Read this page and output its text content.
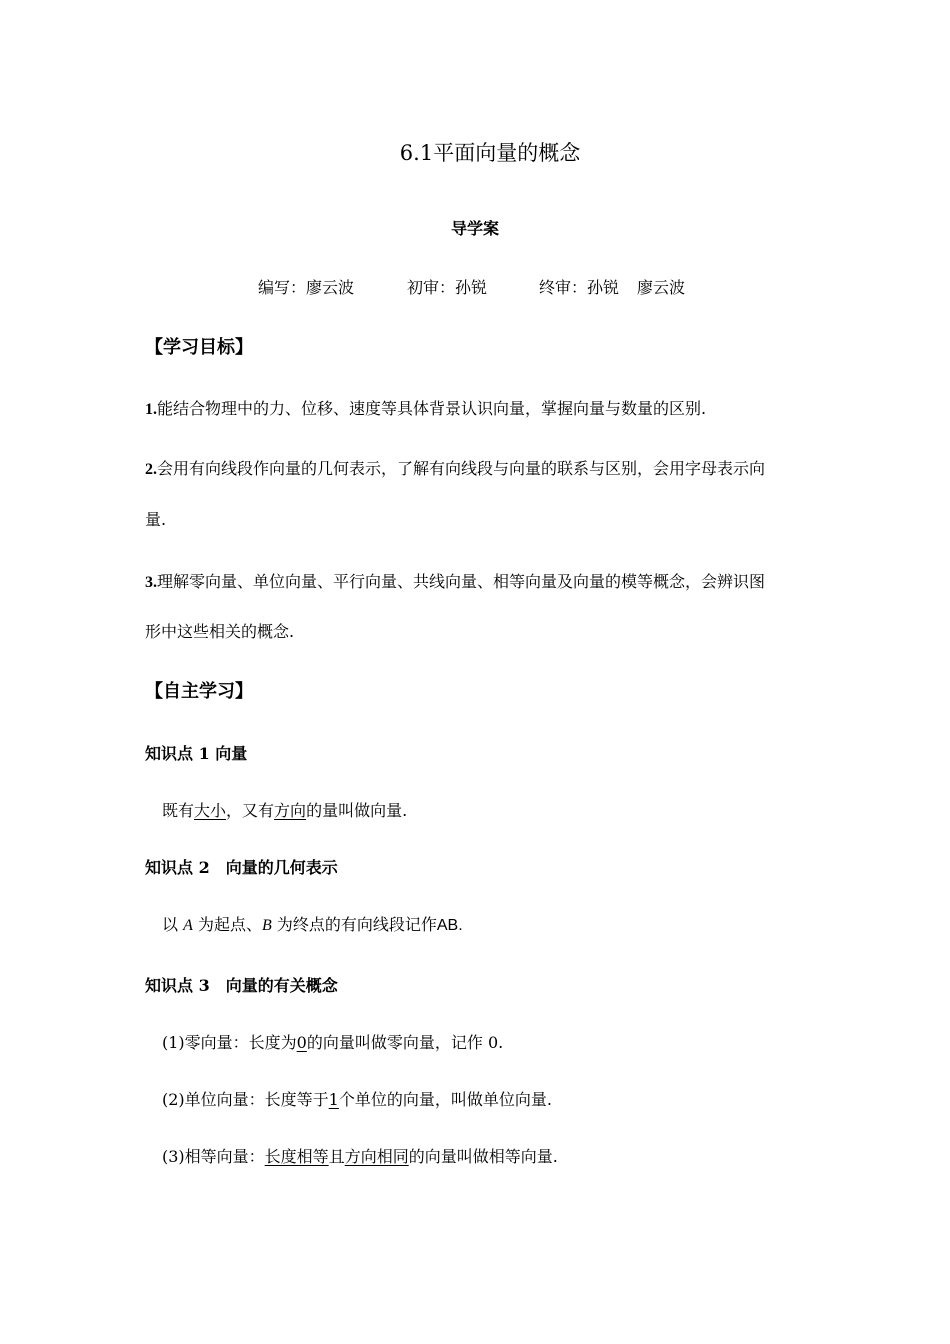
6.1平面向量的概念
导学案
编写：廖云波	初审：孙锐	终审：孙锐 廖云波
【学习目标】
1.能结合物理中的力、位移、速度等具体背景认识向量，掌握向量与数量的区别.
2.会用有向线段作向量的几何表示，了解有向线段与向量的联系与区别，会用字母表示向
量.
3.理解零向量、单位向量、平行向量、共线向量、相等向量及向量的模等概念，会辨识图
形中这些相关的概念.
【自主学习】
知识点 1 向量
既有大小，又有方向的量叫做向量.
知识点 2　向量的几何表示
以 A 为起点、B 为终点的有向线段记作AB.
知识点 3　向量的有关概念
(1)零向量：长度为0的向量叫做零向量，记作 0.
(2)单位向量：长度等于1个单位的向量，叫做单位向量.
(3)相等向量：长度相等且方向相同的向量叫做相等向量.
